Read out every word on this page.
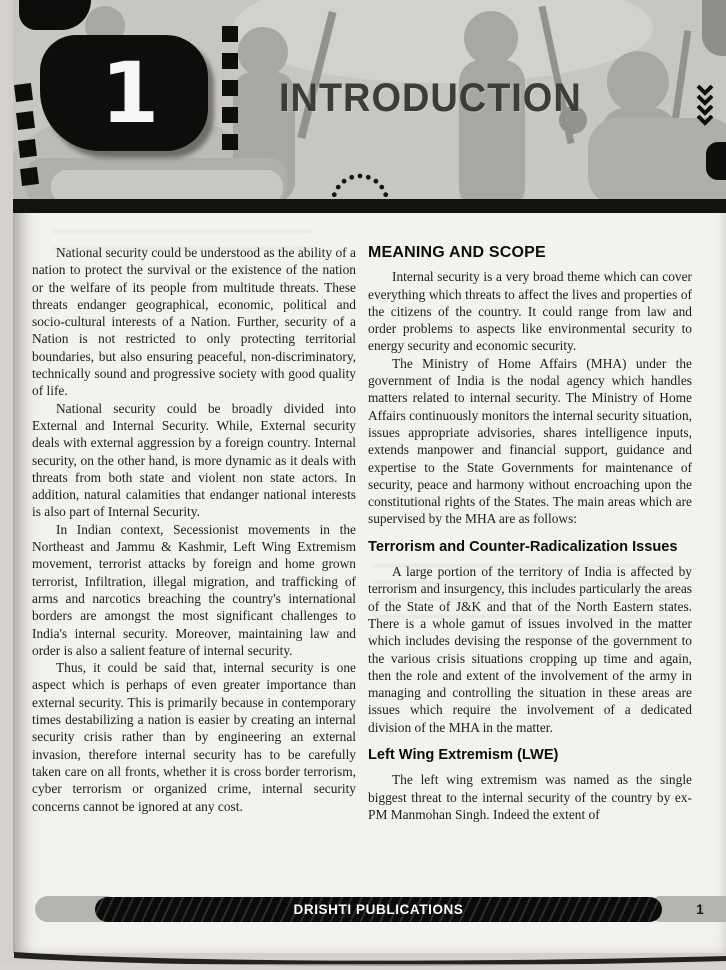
1	INTRODUCTION

National security could be understood as the ability of a nation to protect the survival or the existence of the nation or the welfare of its people from multitude threats. These threats endanger geographical, economic, political and socio-cultural interests of a Nation. Further, security of a Nation is not restricted to only protecting territorial boundaries, but also ensuring peaceful, non-discriminatory, technically sound and progressive society with good quality of life.

National security could be broadly divided into External and Internal Security. While, External security deals with external aggression by a foreign country. Internal security, on the other hand, is more dynamic as it deals with threats from both state and violent non state actors. In addition, natural calamities that endanger national interests is also part of Internal Security.

In Indian context, Secessionist movements in the Northeast and Jammu & Kashmir, Left Wing Extremism movement, terrorist attacks by foreign and home grown terrorist, Infiltration, illegal migration, and trafficking of arms and narcotics breaching the country's international borders are amongst the most significant challenges to India's internal security. Moreover, maintaining law and order is also a salient feature of internal security.

Thus, it could be said that, internal security is one aspect which is perhaps of even greater importance than external security. This is primarily because in contemporary times destabilizing a nation is easier by creating an internal security crisis rather than by engineering an external invasion, therefore internal security has to be carefully taken care on all fronts, whether it is cross border terrorism, cyber terrorism or organized crime, internal security concerns cannot be ignored at any cost.

MEANING AND SCOPE

Internal security is a very broad theme which can cover everything which threats to affect the lives and properties of the citizens of the country. It could range from law and order problems to aspects like environmental security to energy security and economic security.

The Ministry of Home Affairs (MHA) under the government of India is the nodal agency which handles matters related to internal security. The Ministry of Home Affairs continuously monitors the internal security situation, issues appropriate advisories, shares intelligence inputs, extends manpower and financial support, guidance and expertise to the State Governments for maintenance of security, peace and harmony without encroaching upon the constitutional rights of the States. The main areas which are supervised by the MHA are as follows:

Terrorism and Counter-Radicalization Issues

A large portion of the territory of India is affected by terrorism and insurgency, this includes particularly the areas of the State of J&K and that of the North Eastern states. There is a whole gamut of issues involved in the matter which includes devising the response of the government to the various crisis situations cropping up time and again, then the role and extent of the involvement of the army in managing and controlling the situation in these areas are issues which require the involvement of a dedicated division of the MHA in the matter.

Left Wing Extremism (LWE)

The left wing extremism was named as the single biggest threat to the internal security of the country by ex-PM Manmohan Singh. Indeed the extent of

1
DRISHTI PUBLICATIONS
